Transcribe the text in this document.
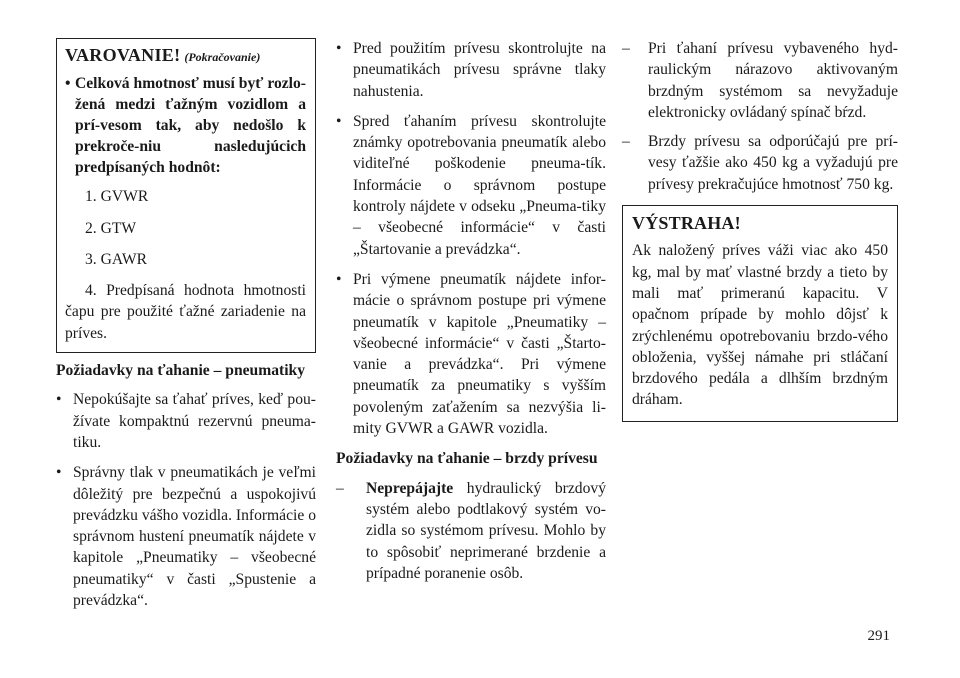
VAROVANIE! (Pokračovanie)
• Celková hmotnosť musí byť rozlo-žená medzi ťažným vozidlom a prí-vesom tak, aby nedošlo k prekroče-niu nasledujúcich predpísaných hodnôt:
1. GVWR
2. GTW
3. GAWR
4. Predpísaná hodnota hmotnosti čapu pre použité ťažné zariadenie na príves.
Požiadavky na ťahanie – pneumatiky
• Nepokúšajte sa ťahať príves, keď pou-žívate kompaktnú rezervnú pneuma-tiku.
• Správny tlak v pneumatikách je veľmi dôležitý pre bezpečnú a uspokojivú prevádzku vášho vozidla. Informácie o správnom hustení pneumatík nájdete v kapitole „Pneumatiky – všeobecné pneumatiky“ v časti „Spustenie a prevádzka“.
• Pred použitím prívesu skontrolujte na pneumatikách prívesu správne tlaky nahustenia.
• Spred ťahaním prívesu skontrolujte známky opotrebovania pneumatík alebo viditeľné poškodenie pneuma-tík. Informácie o správnom postupe kontroly nájdete v odseku „Pneuma-tiky – všeobecné informácie“ v časti „Štartovanie a prevádzka“.
• Pri výmene pneumatík nájdete infor-mácie o správnom postupe pri výmene pneumatík v kapitole „Pneumatiky – všeobecné informácie“ v časti „Štarto-vanie a prevádzka“. Pri výmene pneumatík za pneumatiky s vyšším povoleným zaťažením sa nezvýšia li-mity GVWR a GAWR vozidla.
Požiadavky na ťahanie – brzdy prívesu
– Neprepájajte hydraulický brzdový systém alebo podtlakový systém vo-zidla so systémom prívesu. Mohlo by to spôsobiť neprimerané brzdenie a prípadné poranenie osôb.
– Pri ťahaní prívesu vybaveného hyd-raulickým nárazovo aktivovaným brzdným systémom sa nevyžaduje elektronicky ovládaný spínač bŕzd.
– Brzdy prívesu sa odporúčajú pre prí-vesy ťažšie ako 450 kg a vyžadujú pre prívesy prekračujúce hmotnosť 750 kg.
VÝSTRAHA!
Ak naložený príves váži viac ako 450 kg, mal by mať vlastné brzdy a tieto by mali mať primeranú kapacitu. V opačnom prípade by mohlo dôjsť k zrýchlenému opotrebovaniu brzdo-vého obloženia, vyššej námahe pri stláčaní brzdového pedála a dlhším brzdným dráham.
291
